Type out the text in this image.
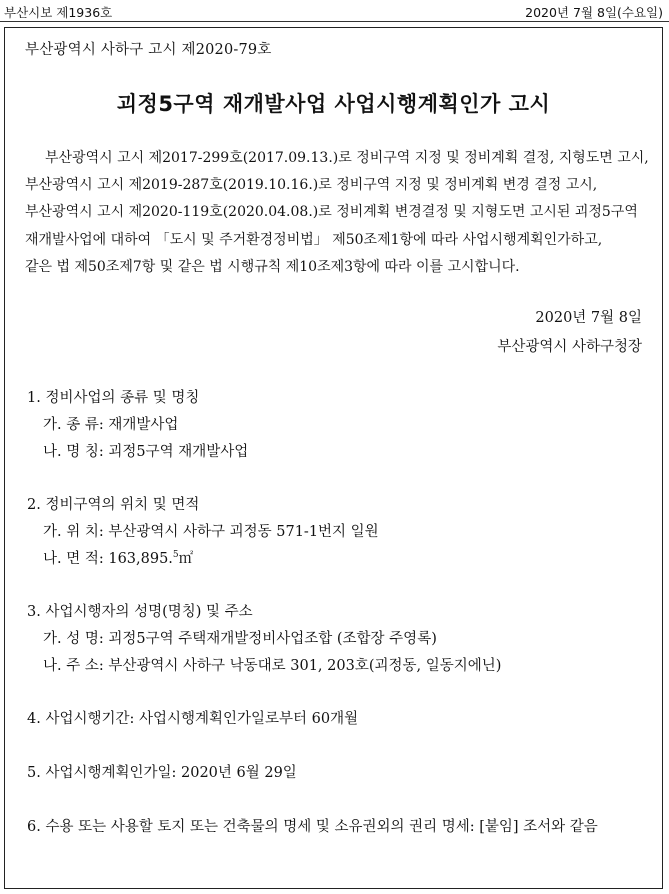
부산시보 제1936호	2020년 7월 8일(수요일)
부산광역시 사하구 고시 제2020-79호
괴정5구역 재개발사업 사업시행계획인가 고시
부산광역시 고시 제2017-299호(2017.09.13.)로 정비구역 지정 및 정비계획 결정, 지형도면 고시,
부산광역시 고시 제2019-287호(2019.10.16.)로 정비구역 지정 및 정비계획 변경 결정 고시,
부산광역시 고시 제2020-119호(2020.04.08.)로 정비계획 변경결정 및 지형도면 고시된 괴정5구역
재개발사업에 대하여 「도시 및 주거환경정비법」 제50조제1항에 따라 사업시행계획인가하고,
같은 법 제50조제7항 및 같은 법 시행규칙 제10조제3항에 따라 이를 고시합니다.
2020년 7월 8일
부산광역시 사하구청장
1. 정비사업의 종류 및 명칭
가. 종 류: 재개발사업
나. 명 칭: 괴정5구역 재개발사업
2. 정비구역의 위치 및 면적
가. 위 치: 부산광역시 사하구 괴정동 571-1번지 일원
나. 면 적: 163,895.$^5$㎡
3. 사업시행자의 성명(명칭) 및 주소
가. 성 명: 괴정5구역 주택재개발정비사업조합 (조합장 주영록)
나. 주 소: 부산광역시 사하구 낙동대로 301, 203호(괴정동, 일동지에닌)
4. 사업시행기간: 사업시행계획인가일로부터 60개월
5. 사업시행계획인가일: 2020년 6월 29일
6. 수용 또는 사용할 토지 또는 건축물의 명세 및 소유권외의 권리 명세: [붙임] 조서와 같음
